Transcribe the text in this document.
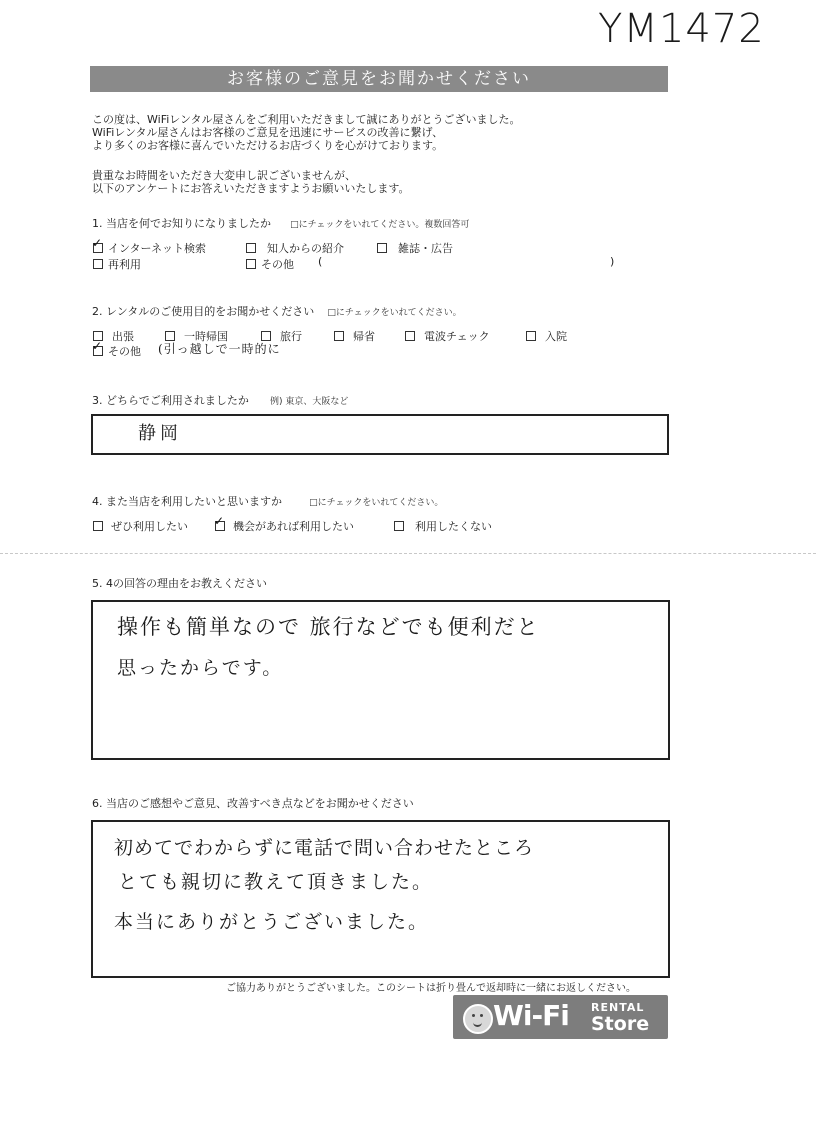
YM1472
お客様のご意見をお聞かせください
この度は、WiFiレンタル屋さんをご利用いただきまして誠にありがとうございました。
WiFiレンタル屋さんはお客様のご意見を迅速にサービスの改善に繋げ、
より多くのお客様に喜んでいただけるお店づくりを心がけております。
貴重なお時間をいただき大変申し訳ございませんが、
以下のアンケートにお答えいただきますようお願いいたします。
1. 当店を何でお知りになりましたか □にチェックをいれてください。複数回答可
✓ インターネット検索	知人からの紹介	雑誌・広告
再利用	その他 (	)
2. レンタルのご使用目的をお聞かせください □にチェックをいれてください。
出張	一時帰国	旅行	帰省	電波チェック	入院
✓ その他 (引っ越しで一時的に
3. どちらでご利用されましたか 例) 東京、大阪など
静岡
4. また当店を利用したいと思いますか	□にチェックをいれてください。
ぜひ利用したい ✓ 機会があれば利用したい	利用したくない
5. 4の回答の理由をお教えください
操作も簡単なので 旅行などでも便利だと
思ったからです。
6. 当店のご感想やご意見、改善すべき点などをお聞かせください
初めてでわからずに電話で問い合わせたところ
とても親切に教えて頂きました。
本当にありがとうございました。
ご協力ありがとうございました。このシートは折り畳んで返却時に一緒にお返しください。
Wi-Fi RENTAL
Store
